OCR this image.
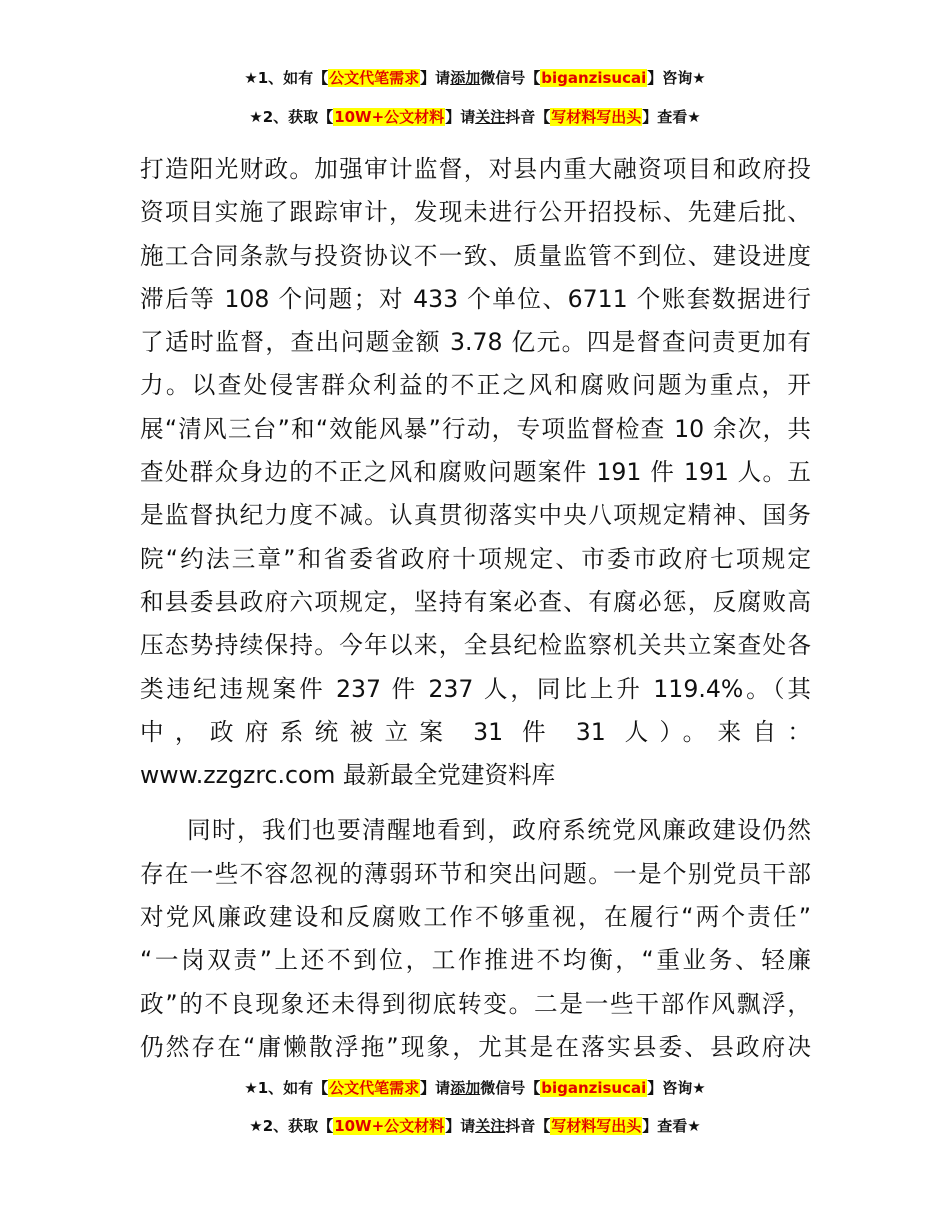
★1、如有【公文代笔需求】请添加微信号【biganzisucai】咨询★
★2、获取【10W+公文材料】请关注抖音【写材料写出头】查看★
打造阳光财政。加强审计监督，对县内重大融资项目和政府投
资项目实施了跟踪审计，发现未进行公开招投标、先建后批、
施工合同条款与投资协议不一致、质量监管不到位、建设进度
滞后等 108 个问题；对 433 个单位、6711 个账套数据进行
了适时监督，查出问题金额 3.78 亿元。四是督查问责更加有
力。以查处侵害群众利益的不正之风和腐败问题为重点，开
展“清风三台”和“效能风暴”行动，专项监督检查 10 余次，共
查处群众身边的不正之风和腐败问题案件 191 件 191 人。五
是监督执纪力度不减。认真贯彻落实中央八项规定精神、国务
院“约法三章”和省委省政府十项规定、市委市政府七项规定
和县委县政府六项规定，坚持有案必查、有腐必惩，反腐败高
压态势持续保持。今年以来，全县纪检监察机关共立案查处各
类违纪违规案件 237 件 237 人，同比上升 119.4%。（其
中，政府系统被立案 31 件 31 人）。来自：
www.zzgzrc.com 最新最全党建资料库
同时，我们也要清醒地看到，政府系统党风廉政建设仍然
存在一些不容忽视的薄弱环节和突出问题。一是个别党员干部
对党风廉政建设和反腐败工作不够重视，在履行“两个责任”
“一岗双责”上还不到位，工作推进不均衡，“重业务、轻廉
政”的不良现象还未得到彻底转变。二是一些干部作风飘浮，
仍然存在“庸懒散浮拖”现象，尤其是在落实县委、县政府决
★1、如有【公文代笔需求】请添加微信号【biganzisucai】咨询★
★2、获取【10W+公文材料】请关注抖音【写材料写出头】查看★
